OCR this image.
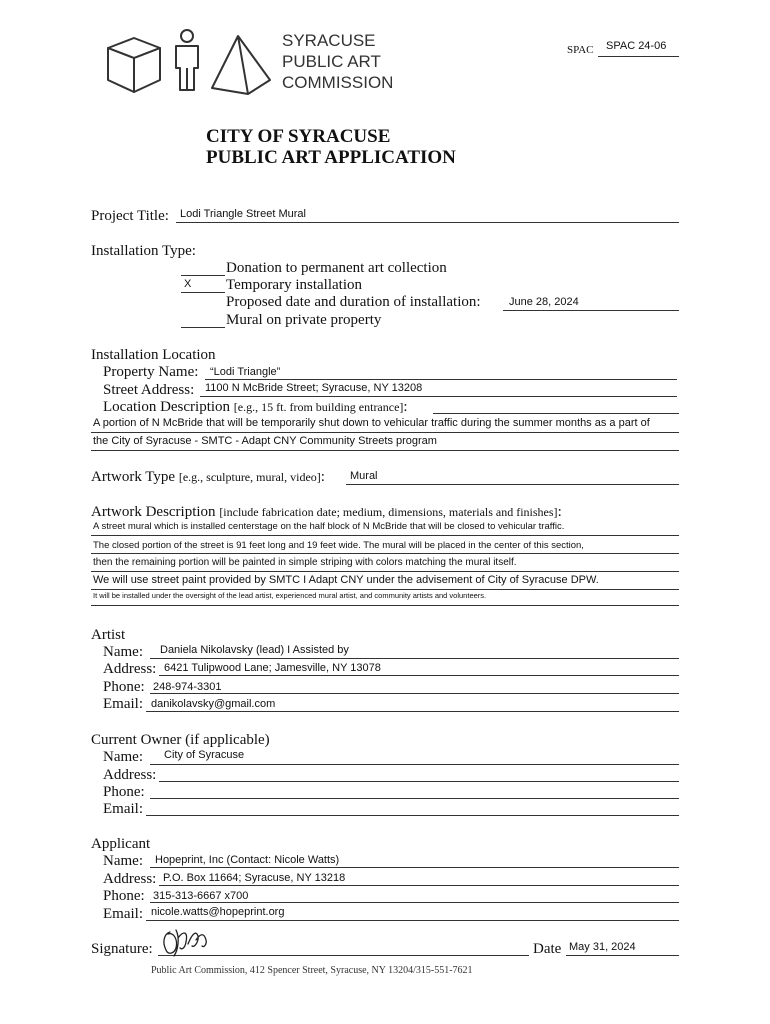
SYRACUSE
PUBLIC ART
COMMISSION
SPAC SPAC 24-06
CITY OF SYRACUSE
PUBLIC ART APPLICATION
Project Title: Lodi Triangle Street Mural
Installation Type:
Donation to permanent art collection
X Temporary installation
Proposed date and duration of installation:	June 28, 2024
Mural on private property
Installation Location
Property Name: “Lodi Triangle”
Street Address: 1100 N McBride Street; Syracuse, NY 13208
Location Description [e.g., 15 ft. from building entrance]:
A portion of N McBride that will be temporarily shut down to vehicular traffic during the summer months as a part of
the City of Syracuse - SMTC - Adapt CNY Community Streets program
Artwork Type [e.g., sculpture, mural, video]: Mural
Artwork Description [include fabrication date; medium, dimensions, materials and finishes]:
A street mural which is installed centerstage on the half block of N McBride that will be closed to vehicular traffic.
The closed portion of the street is 91 feet long and 19 feet wide. The mural will be placed in the center of this section,
then the remaining portion will be painted in simple striping with colors matching the mural itself.
We will use street paint provided by SMTC I Adapt CNY under the advisement of City of Syracuse DPW.
It will be installed under the oversight of the lead artist, experienced mural artist, and community artists and volunteers.
Artist
Name: Daniela Nikolavsky (lead) I Assisted by
Address: 6421 Tulipwood Lane; Jamesville, NY 13078
Phone: 248-974-3301
Email: danikolavsky@gmail.com
Current Owner (if applicable)
Name: City of Syracuse
Address:
Phone:
Email:
Applicant
Name: Hopeprint, Inc (Contact: Nicole Watts)
Address: P.O. Box 11664; Syracuse, NY 13218
Phone: 315-313-6667 x700
Email: nicole.watts@hopeprint.org
Signature:	Date May 31, 2024
Public Art Commission, 412 Spencer Street, Syracuse, NY 13204/315-551-7621
